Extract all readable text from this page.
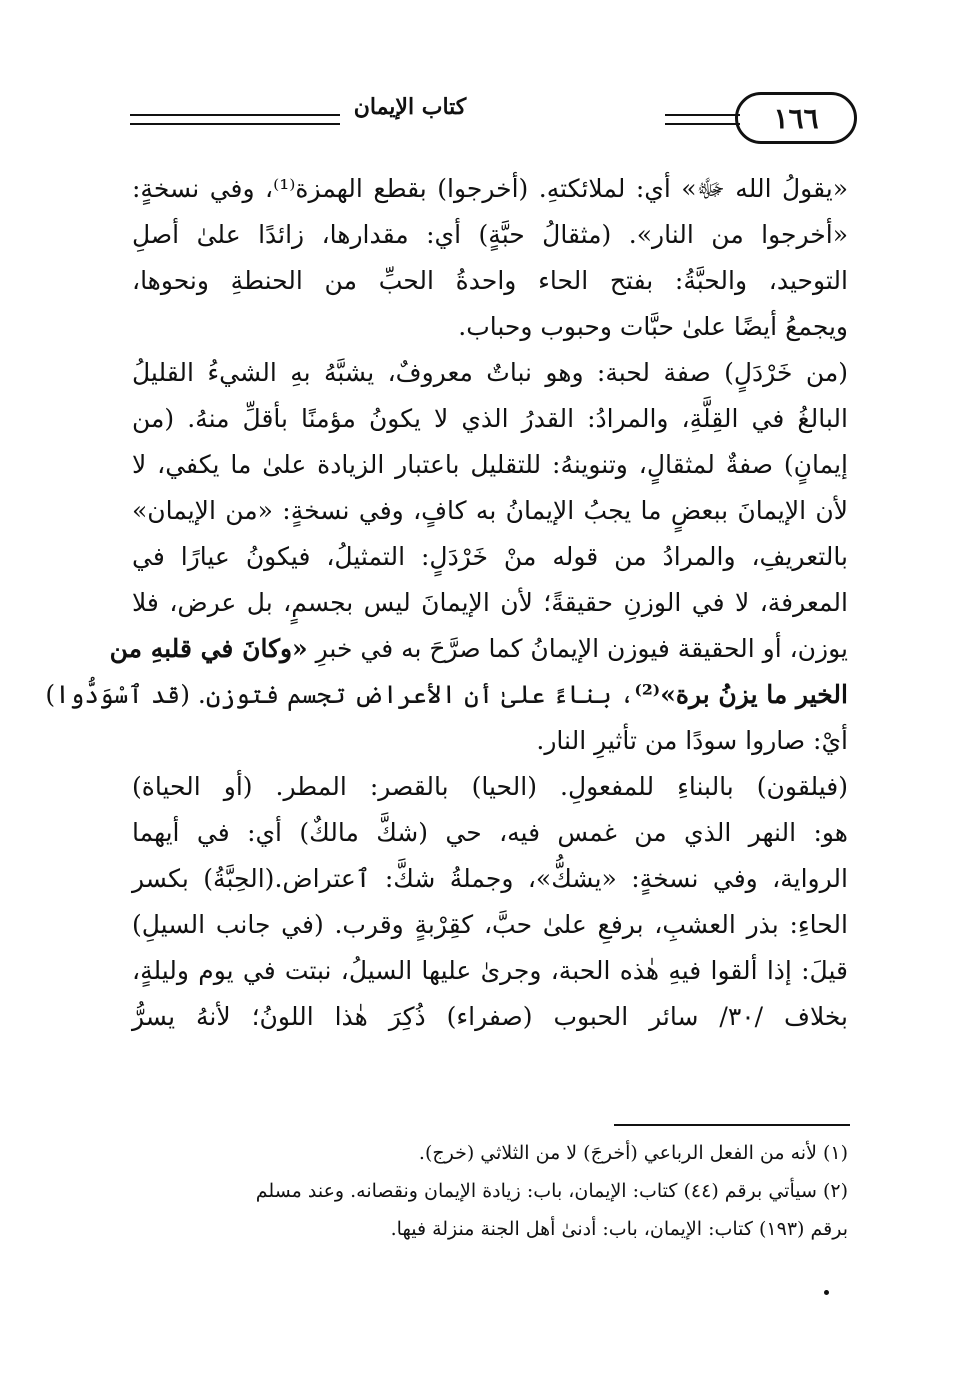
كتاب الإيمان	١٦٦
«يقولُ الله ﷻ» أي: لملائكتهِ. (أخرجوا) بقطع الهمزة⁽¹⁾، وفي نسخةٍ:
«أخرجوا من النار». (مثقالُ حبَّةٍ) أي: مقدارها، زائدًا علىٰ أصلِ
التوحيد، والحبَّةُ: بفتح الحاء واحدةُ الحبِّ من الحنطةِ ونحوها،
ويجمعُ أيضًا علىٰ حبَّات وحبوب وحباب.
(من خَرْدَلٍ) صفة لحبة: وهو نباتٌ معروفٌ، يشبَّهُ بهِ الشيءُ القليلُ
البالغُ في القِلَّةِ، والمرادُ: القدرُ الذي لا يكونُ مؤمنًا بأقلِّ منهُ. (من
إيمانٍ) صفةٌ لمثقالٍ، وتنوينهُ: للتقليل باعتبار الزيادة علىٰ ما يكفي، لا
لأن الإيمانَ ببعضٍ ما يجبُ الإيمانُ به كافٍ، وفي نسخةٍ: «من الإيمان»
بالتعريفِ، والمرادُ من قوله منْ خَرْدَلٍ: التمثيلُ، فيكونُ عيارًا في
المعرفة، لا في الوزنِ حقيقةً؛ لأن الإيمانَ ليس بجسمٍ، بل عرض، فلا
يوزن، أو الحقيقة فيوزن الإيمانُ كما صرَّحَ به في خبرِ «وكانَ في قلبهِ من
الخير ما يزنُ برة»⁽²⁾، بناءً علىٰ أن الأعراض تجسم فتوزن. (قد ٱسْوَدُّوا)
أيْ: صاروا سودًا من تأثيرِ النار.
(فيلقون) بالبناءِ للمفعولِ. (الحيا) بالقصر: المطر. (أو الحياة)
هو: النهر الذي من غمس فيه، حي (شكَّ مالكٌ) أي: في أيهما
الرواية، وفي نسخةٍ: «يشكُّ»، وجملةُ شكَّ: ٱعتراض.(الحِبَّةُ) بكسر
الحاءِ: بذر العشبِ، برفعِ علىٰ حبَّ، كقِرْبةٍ وقرب. (في جانب السيلِ)
قيلَ: إذا ألقوا فيهِ هٰذه الحبة، وجرىٰ عليها السيلُ، نبتت في يوم وليلةٍ،
بخلاف /٣٠/ سائر الحبوب (صفراء) ذُكِرَ هٰذا اللونُ؛ لأنهُ يسرُّ
(١) لأنه من الفعل الرباعي (أخرجَ) لا من الثلاثي (خرج).
(٢) سيأتي برقم (٤٤) كتاب: الإيمان، باب: زيادة الإيمان ونقصانه. وعند مسلم
برقم (١٩٣) كتاب: الإيمان، باب: أدنىٰ أهل الجنة منزلة فيها.
